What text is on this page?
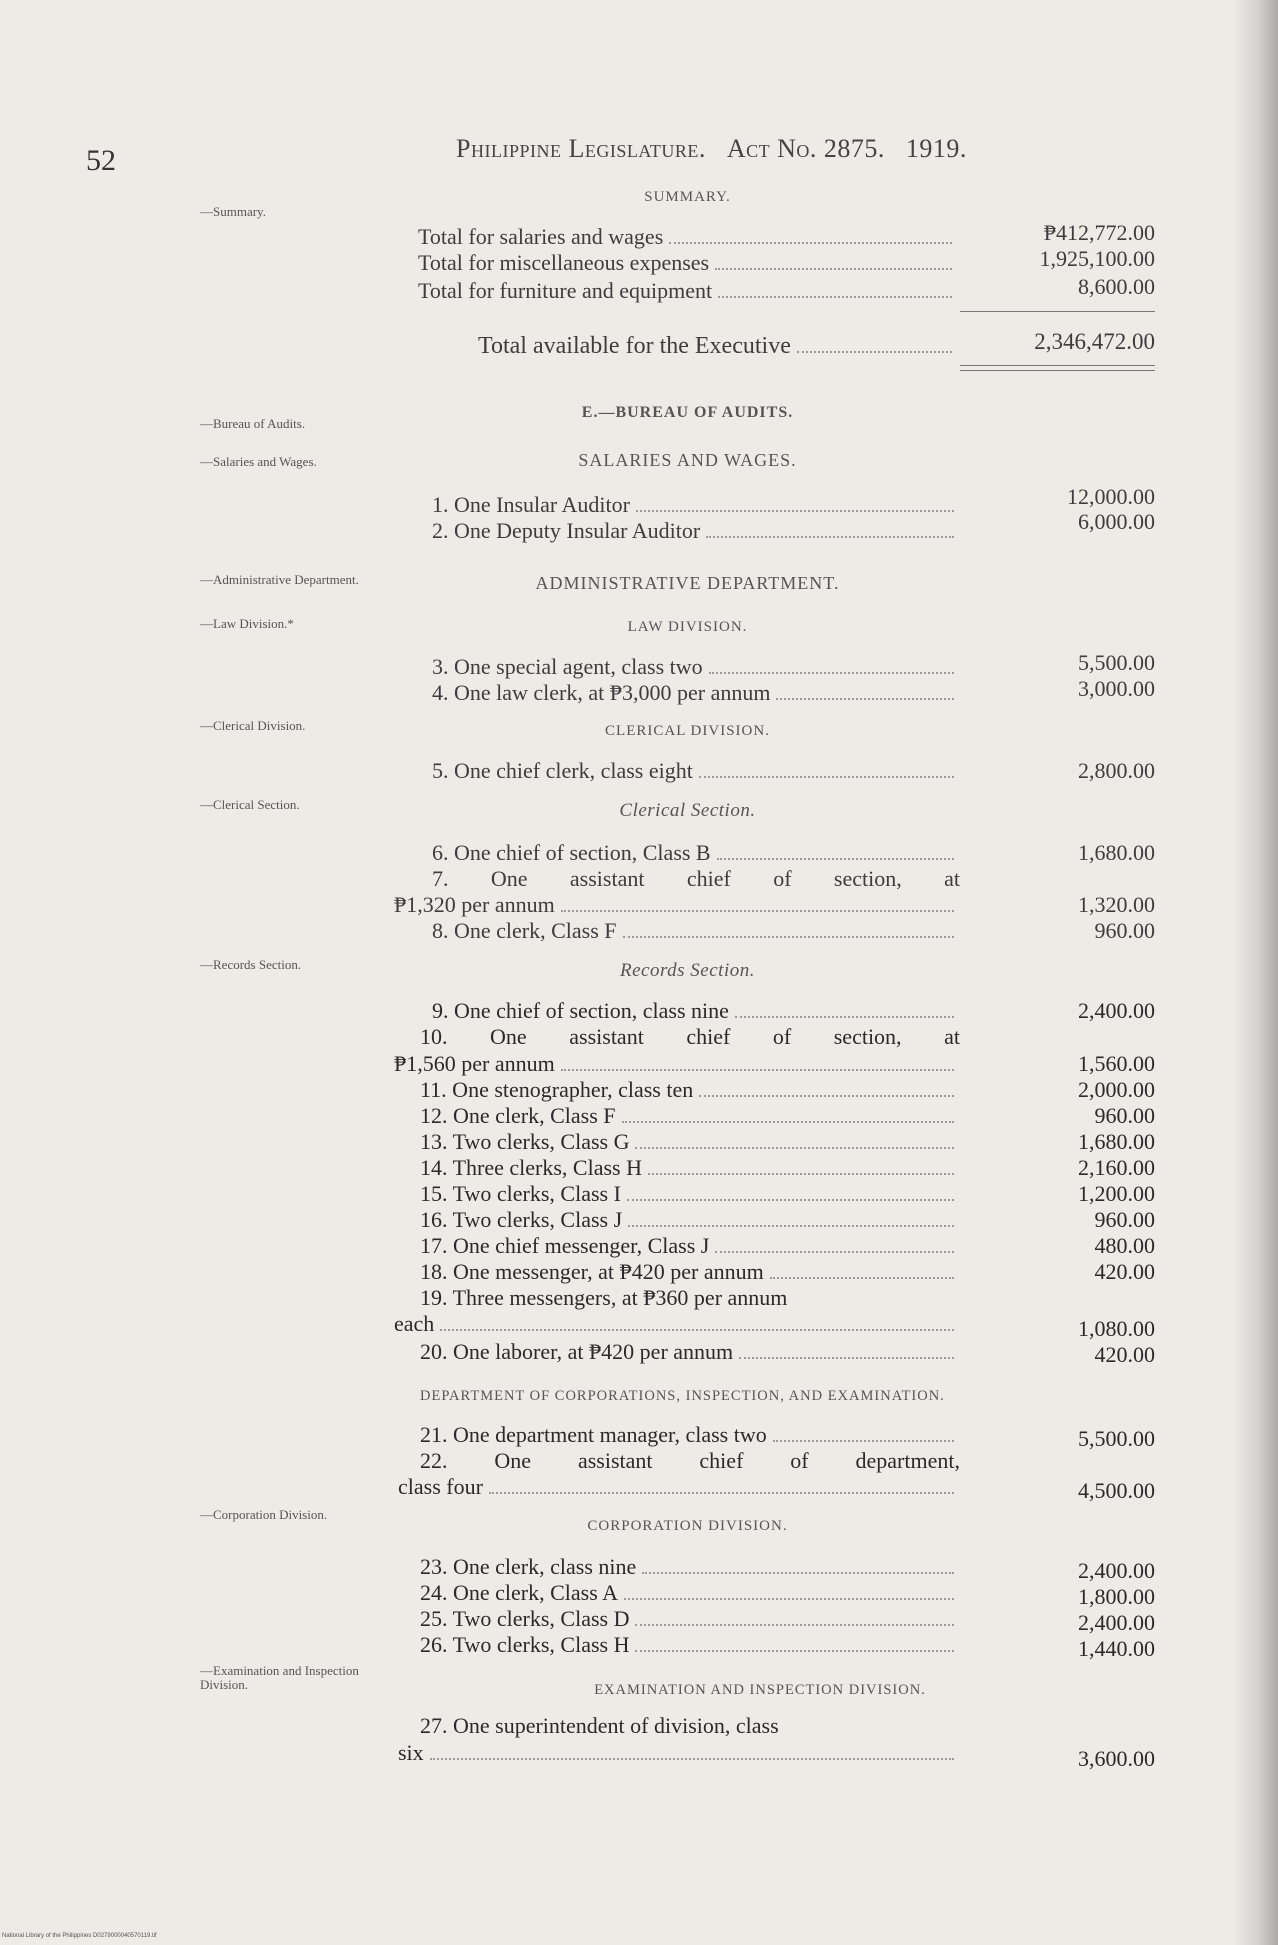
52	Philippine Legislature. Act No. 2875. 1919.
—Summary.
—Bureau of Audits.
—Salaries and Wages.
—Administrative Department.
—Law Division.*
—Clerical Division.
—Clerical Section.
—Records Section.
—Corporation Division.
—Examination and Inspection Division.
SUMMARY.
Total for salaries and wages	₱412,772.00
Total for miscellaneous expenses	1,925,100.00
Total for furniture and equipment	8,600.00
Total available for the Executive	2,346,472.00
E.—BUREAU OF AUDITS.
SALARIES AND WAGES.
1. One Insular Auditor	12,000.00
2. One Deputy Insular Auditor	6,000.00
ADMINISTRATIVE DEPARTMENT.
LAW DIVISION.
3. One special agent, class two	5,500.00
4. One law clerk, at ₱3,000 per annum	3,000.00
CLERICAL DIVISION.
5. One chief clerk, class eight	2,800.00
Clerical Section.
6. One chief of section, Class B	1,680.00
7. One assistant chief of section, at
₱1,320 per annum	1,320.00
8. One clerk, Class F	960.00
Records Section.
9. One chief of section, class nine	2,400.00
10. One assistant chief of section, at
₱1,560 per annum	1,560.00
11. One stenographer, class ten	2,000.00
12. One clerk, Class F	960.00
13. Two clerks, Class G	1,680.00
14. Three clerks, Class H	2,160.00
15. Two clerks, Class I	1,200.00
16. Two clerks, Class J	960.00
17. One chief messenger, Class J	480.00
18. One messenger, at ₱420 per annum	420.00
19. Three messengers, at ₱360 per annum
each	1,080.00
20. One laborer, at ₱420 per annum	420.00
DEPARTMENT OF CORPORATIONS, INSPECTION, AND EXAMINATION.
21. One department manager, class two	5,500.00
22. One assistant chief of department,
class four	4,500.00
CORPORATION DIVISION.
23. One clerk, class nine	2,400.00
24. One clerk, Class A	1,800.00
25. Two clerks, Class D	2,400.00
26. Two clerks, Class H	1,440.00
EXAMINATION AND INSPECTION DIVISION.
27. One superintendent of division, class
six	3,600.00
National Library of the Philippines D0279000040570119.tif
